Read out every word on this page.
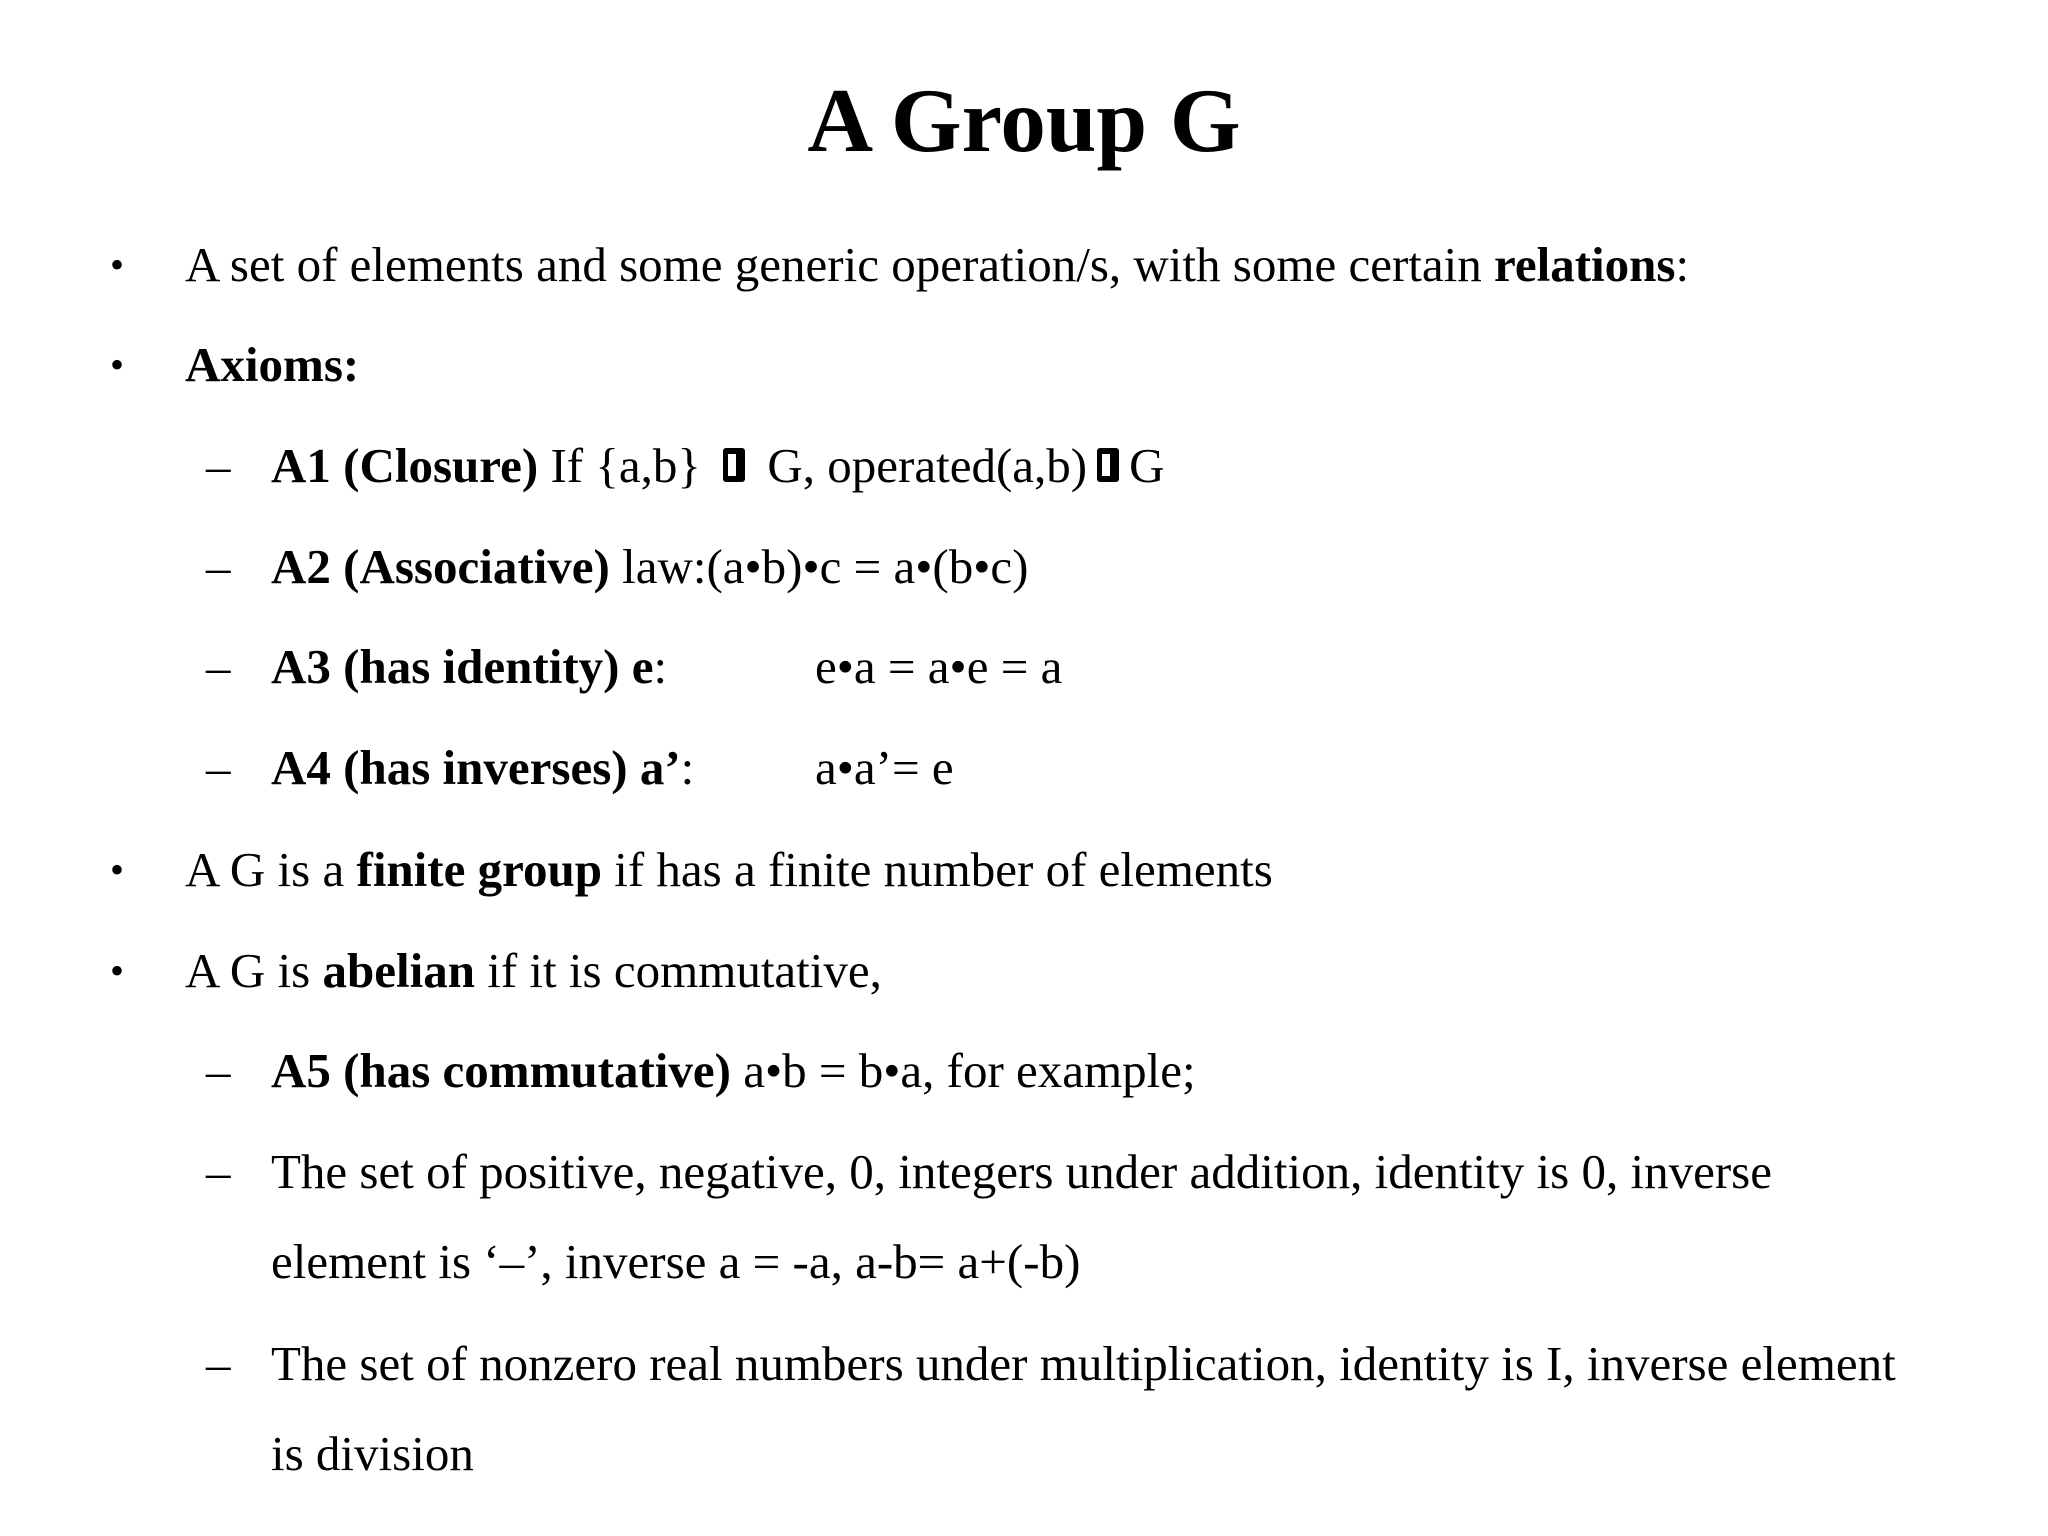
A Group G
• A set of elements and some generic operation/s, with some certain relations:
• Axioms:
– A1 (Closure) If {a,b}  G, operated(a,b) G
– A2 (Associative) law:(a•b)•c = a•(b•c)
– A3 (has identity) e:	e•a = a•e = a
– A4 (has inverses) a’: a•a’= e
• A G is a finite group if has a finite number of elements
• A G is abelian if it is commutative,
– A5 (has commutative) a•b = b•a, for example;
– The set of positive, negative, 0, integers under addition, identity is 0, inverse
element is ‘–’, inverse a = -a, a-b= a+(-b)
– The set of nonzero real numbers under multiplication, identity is I, inverse element
is division
